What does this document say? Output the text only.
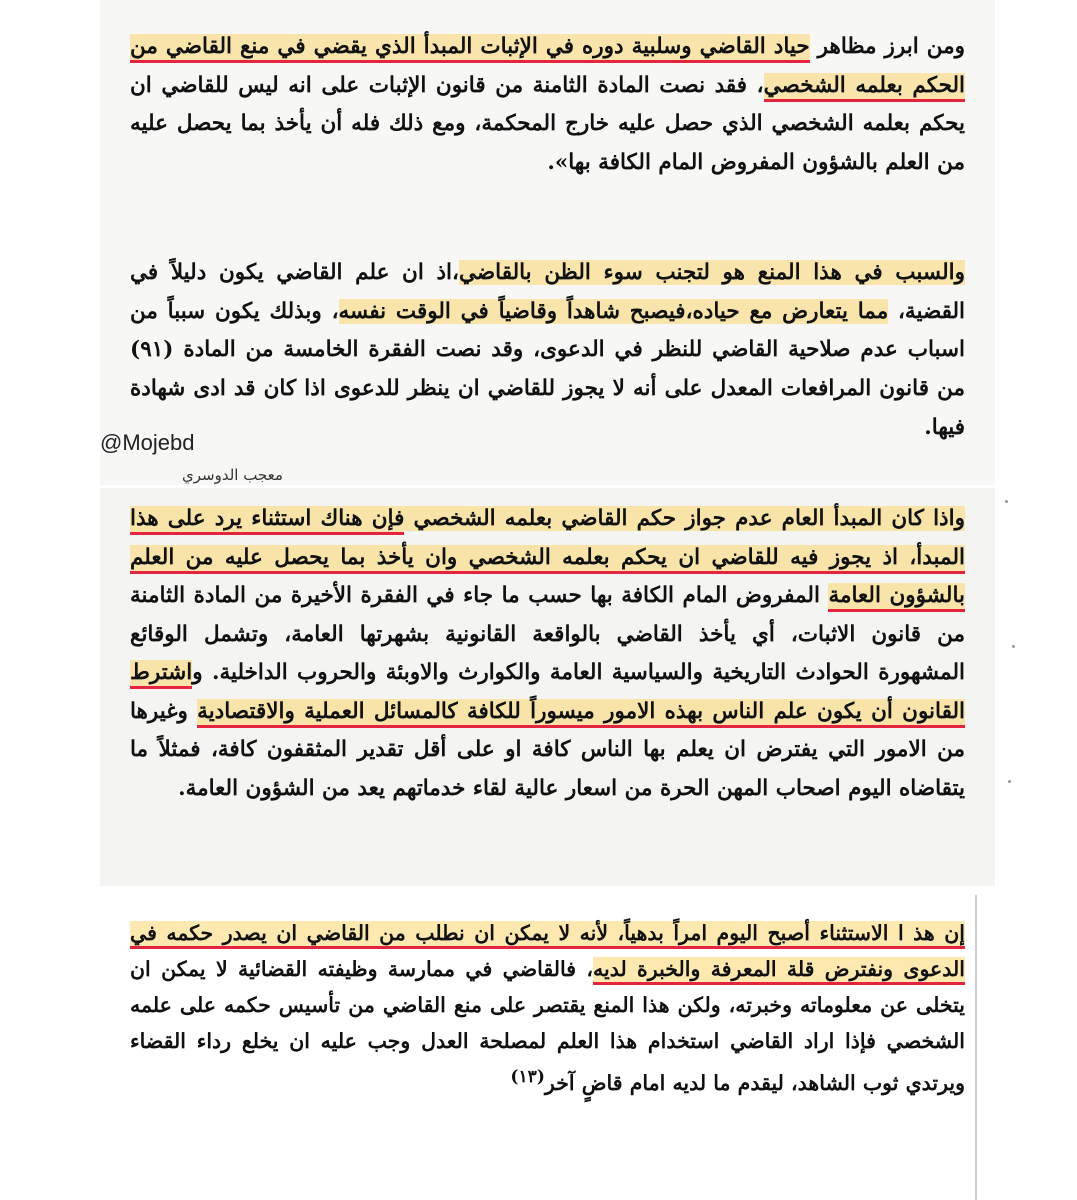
ومن ابرز مظاهر حياد القاضي وسلبية دوره في الإثبات المبدأ الذي يقضي في منع القاضي من الحكم بعلمه الشخصي، فقد نصت المادة الثامنة من قانون الإثبات على انه ليس للقاضي ان يحكم بعلمه الشخصي الذي حصل عليه خارج المحكمة، ومع ذلك فله أن يأخذ بما يحصل عليه من العلم بالشؤون المفروض المام الكافة بها».
والسبب في هذا المنع هو لتجنب سوء الظن بالقاضي،اذ ان علم القاضي يكون دليلاً في القضية، مما يتعارض مع حياده،فيصبح شاهداً وقاضياً في الوقت نفسه، وبذلك يكون سبباً من اسباب عدم صلاحية القاضي للنظر في الدعوى، وقد نصت الفقرة الخامسة من المادة (٩١) من قانون المرافعات المعدل على أنه لا يجوز للقاضي ان ينظر للدعوى اذا كان قد ادى شهادة فيها.
@Mojebd
معجب الدوسري
واذا كان المبدأ العام عدم جواز حكم القاضي بعلمه الشخصي فإن هناك استثناء يرد على هذا المبدأ، اذ يجوز فيه للقاضي ان يحكم بعلمه الشخصي وان يأخذ بما يحصل عليه من العلم بالشؤون العامة المفروض المام الكافة بها حسب ما جاء في الفقرة الأخيرة من المادة الثامنة من قانون الاثبات، أي يأخذ القاضي بالواقعة القانونية بشهرتها العامة، وتشمل الوقائع المشهورة الحوادث التاريخية والسياسية العامة والكوارث والاوبئة والحروب الداخلية. واشترط القانون أن يكون علم الناس بهذه الامور ميسوراً للكافة كالمسائل العملية والاقتصادية وغيرها من الامور التي يفترض ان يعلم بها الناس كافة او على أقل تقدير المثقفون كافة، فمثلاً ما يتقاضاه اليوم اصحاب المهن الحرة من اسعار عالية لقاء خدماتهم يعد من الشؤون العامة.
إن هذ ا الاستثناء أصبح اليوم امراً بدهياً، لأنه لا يمكن ان نطلب من القاضي ان يصدر حكمه في الدعوى ونفترض قلة المعرفة والخبرة لديه، فالقاضي في ممارسة وظيفته القضائية لا يمكن ان يتخلى عن معلوماته وخبرته، ولكن هذا المنع يقتصر على منع القاضي من تأسيس حكمه على علمه الشخصي فإذا اراد القاضي استخدام هذا العلم لمصلحة العدل وجب عليه ان يخلع رداء القضاء ويرتدي ثوب الشاهد، ليقدم ما لديه امام قاضٍ آخر$^{(١٣)}$
